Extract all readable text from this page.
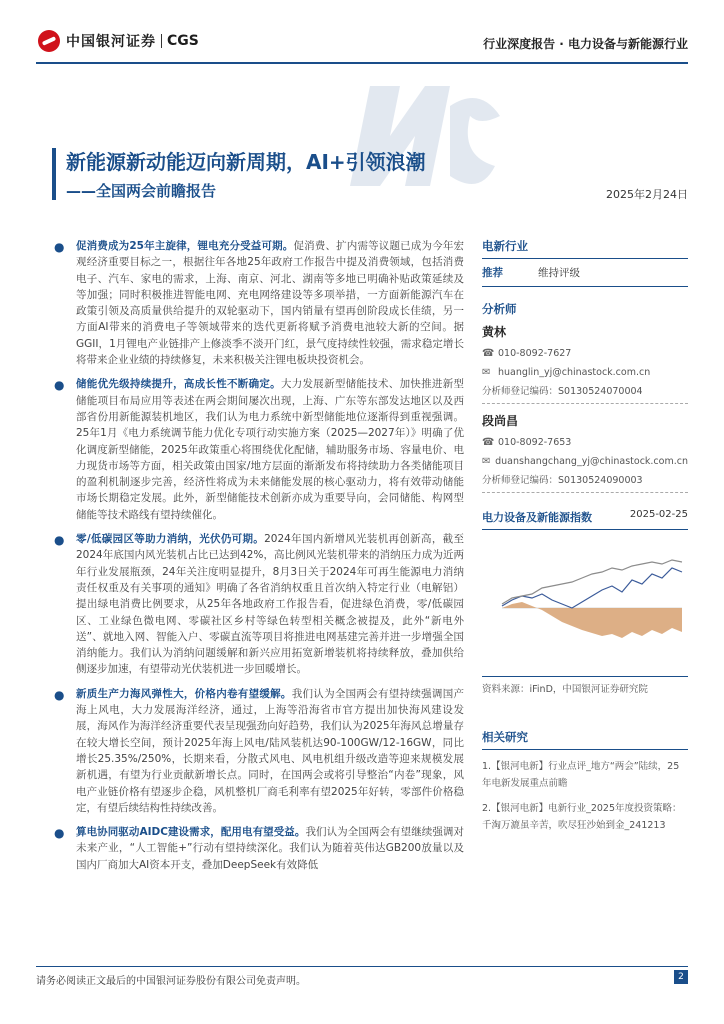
中国银河证券 CGS	行业深度报告 · 电力设备与新能源行业
新能源新动能迈向新周期，AI+引领浪潮
——全国两会前瞻报告	2025年2月24日
● 促消费成为25年主旋律，锂电充分受益可期。促消费、扩内需等议题已成为今年宏观经济重要目标之一，根据往年各地25年政府工作报告中提及消费领域，包括消费电子、汽车、家电的需求，上海、南京、河北、湖南等多地已明确补贴政策延续及等加强；同时积极推进智能电网、充电网络建设等多项举措，一方面新能源汽车在政策引领及高质量供给提升的双轮驱动下，国内销量有望再创阶段成长佳绩，另一方面AI带来的消费电子等领域带来的迭代更新将赋予消费电池较大新的空间。据GGII，1月锂电产业链排产上修淡季不淡开门红，景气度持续性较强，需求稳定增长将带来企业业绩的持续修复，未来积极关注锂电板块投资机会。
● 储能优先级持续提升，高成长性不断确定。大力发展新型储能技术、加快推进新型储能项目布局应用等表述在两会期间屡次出现，上海、广东等东部发达地区以及西部省份用新能源装机地区，我们认为电力系统中新型储能地位逐渐得到重视强调。25年1月《电力系统调节能力优化专项行动实施方案（2025—2027年）》明确了优化调度新型储能，2025年政策重心将围绕优化配储，辅助服务市场、容量电价、电力现货市场等方面，相关政策由国家/地方层面的渐渐发布将持续助力各类储能项目的盈利机制逐步完善，经济性将成为未来储能发展的核心驱动力，将有效带动储能市场长期稳定发展。此外，新型储能技术创新亦成为重要导向，会同储能、构网型储能等技术路线有望持续催化。
● 零/低碳园区等助力消纳，光伏仍可期。2024年国内新增风光装机再创新高，截至2024年底国内风光装机占比已达到42%，高比例风光装机带来的消纳压力成为近两年行业发展瓶颈，24年关注度明显提升，8月3日关于2024年可再生能源电力消纳责任权重及有关事项的通知》明确了各省消纳权重且首次纳入特定行业（电解铝）提出绿电消费比例要求，从25年各地政府工作报告看，促进绿色消费，零/低碳园区、工业绿色微电网、零碳社区乡村等绿色转型相关概念被提及，此外“新电外送”、就地入网、智能入户、零碳直流等项目将推进电网基建完善并进一步增强全国消纳能力。我们认为消纳问题缓解和新兴应用拓宽新增装机将持续释放，叠加供给侧逐步加速，有望带动光伏装机进一步回暖增长。
● 新质生产力海风弹性大，价格内卷有望缓解。我们认为全国两会有望持续强调国产海上风电，大力发展海洋经济，通过，上海等沿海省市官方提出加快海风建设发展，海风作为海洋经济重要代表呈现强劲向好趋势，我们认为2025年海风总增量存在较大增长空间，预计2025年海上风电/陆风装机达90-100GW/12-16GW，同比增长25.35%/250%，长期来看，分散式风电、风电机组升级改造等迎来规模发展新机遇，有望为行业贡献新增长点。同时，在国两会或将引导整治“内卷”现象，风电产业链价格有望逐步企稳，风机整机厂商毛利率有望2025年好转，零部件价格稳定，有望后续结构性持续改善。
● 算电协同驱动AIDC建设需求，配用电有望受益。我们认为全国两会有望继续强调对未来产业，“人工智能+”行动有望持续深化。我们认为随着英伟达GB200放量以及国内厂商加大AI资本开支，叠加DeepSeek有效降低
电新行业
推荐	维持评级
分析师
黄林
☎ 010-8092-7627
✉ huanglin_yj@chinastock.com.cn
分析师登记编码：S0130524070004
段尚昌
☎ 010-8092-7653
✉ duanshangchang_yj@chinastock.com.cn
分析师登记编码：S0130524090003
电力设备及新能源指数	2025-02-25
资料来源：iFinD，中国银河证券研究院
相关研究
1.【银河电新】行业点评_地方“两会”陆续，25年电新发展重点前瞻
2.【银河电新】电新行业_2025年度投资策略：千淘万漉虽辛苦，吹尽狂沙始到金_241213
请务必阅读正文最后的中国银河证券股份有限公司免责声明。	2
